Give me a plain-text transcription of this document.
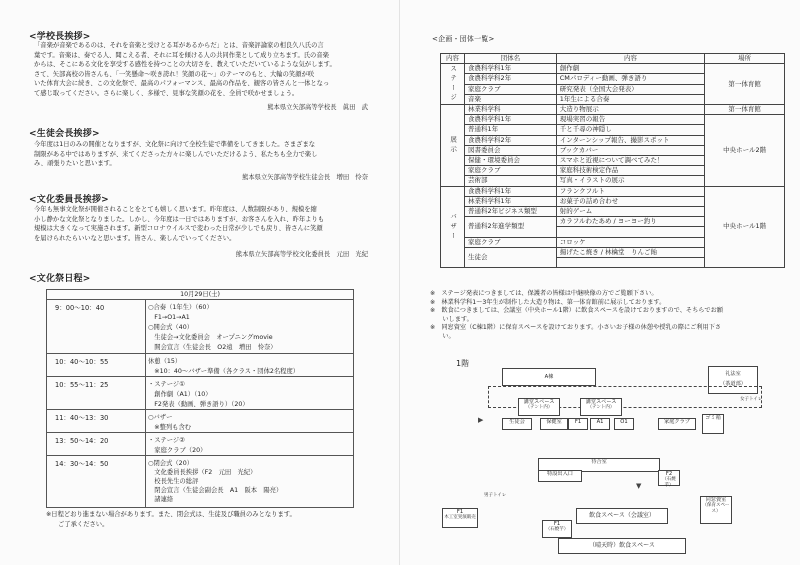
<学校長挨拶>
「音楽が音楽であるのは、それを音楽と受けとる耳があるからだ」とは、音楽評論家の相良久八氏の言
葉です。音楽は、奏でる人、聞こえる者、それに耳を傾ける人の共同作業として成り立ちます。氏の音楽
からは、そこにある文化を享受する感性を持つことの大切さを、教えていただいているような気がします。
さて、矢部高校の皆さんも、「一笑懸命〜咲き誇れ！笑顔の花〜」のテーマのもと、大輪の笑顔が咲
いた体育大会に続き、この文化祭で、最高のパフォーマンス、最高の作品を、観客の皆さんと一体となっ
て感じ取ってください。さらに楽しく、多様で、見事な笑顔の花を、全員で咲かせましょう。
熊本県立矢部高等学校長　眞田　武
<生徒会長挨拶>
今年度は1日のみの開催となりますが、文化祭に向けて全校生徒で準備をしてきました。さまざまな
制限がある中ではありますが、来てくださった方々に楽しんでいただけるよう、私たちも全力で楽し
み、頑張りたいと思います。
熊本県立矢部高等学校生徒会長　増田　怜奈
<文化委員長挨拶>
今年も無事文化祭が開催されることをとても嬉しく思います。昨年度は、人数制限があり、規模を縮
小し静かな文化祭となりました。しかし、今年度は一日ではありますが、お客さんを入れ、昨年よりも
規模は大きくなって実施されます。新型コロナウイルスで変わった日常が少しでも戻り、皆さんに笑顔
を届けられたらいいなと思います。皆さん、楽しんでいってください。
熊本県立矢部高等学校文化委員長　元田　光紀
<文化祭日程>
10月29日(土)
9：00〜10：40	○合奏（1年生）（60）
　F1→O1→A1
○開会式（40）
　生徒会→文化委員会　オープニングmovie
　開会宣言（生徒会長　O2遠　増田　怜奈）
10：40〜10：55	休憩（15）
　※10：40〜バザー準備（各クラス・団体2名程度）
10：55〜11：25	・ステージ①
　創作劇（A1）（10）
　F2発表（動画、弾き語り）（20）
11：40〜13：30	○バザー
　※整列も含む
13：50〜14：20	・ステージ②
　家庭クラブ（20）
14：30〜14：50	○閉会式（20）
　文化委員長挨拶（F2　元田　光紀）
　校長先生の総評
　閉会宣言（生徒会副会長　A1　阪本　陽亮）
　諸連絡
※日程どおり進まない場合があります。また、閉会式は、生徒及び職員のみとなります。
ご了承ください。
<企画・団体一覧>
内容	団体名	内容	場所
ステージ	食農科学科1年	創作劇	第一体育館
	食農科学科2年	CMパロディー動画、弾き語り	
	家庭クラブ	研究発表（全国大会発表）	
	音楽	1年生による合奏	
展示	林業科学科	大造り物展示	第一体育館
	食農科学科1年	現場実習の報告	中央ホール2階
	普通科1年	千と千尋の神隠し	
	食農科学科2年	インターンシップ報告、撮影スポット	
	図書委員会	ブックカバー	
	保健・環境委員会	スマホと近視について調べてみた！	
	家庭クラブ	家庭科技術検定作品	
	芸術部	写真・イラストの展示	
バザー	食農科学科1年	フランクフルト	中央ホール1階
	林業科学科1年	お菓子の詰め合わせ	
	普通科2年ビジネス類型	射的ゲーム	
	普通科2年進学類型	カラフルわたあめ / ヨーヨー釣り	

	家庭クラブ	コロッケ	
	生徒会	揚げたこ焼き / 林檎堂　りんご飴	

※　ステージ発表につきましては、保護者の皆様は中継映像の方でご覧願下さい。
※　林業科学科1〜3年生が制作した大造り物は、第一体育館前に展示しております。
※　飲食につきましては、会議室（中央ホール1階）に飲食スペースを設けておりますので、そちらでお願
　　いします。
※　同窓資室（C棟1階）に保育スペースを設けております。小さいお子様の休憩や授乳の際にご利用下さ
　　い。
1階
A棟	礼法室
（茶道部）
講堂スペース
（テント内）
講堂スペース
（テント内）
生徒会	保健室	F1	A1	O1	家庭クラブ
ゴミ箱
待合室
F2
（石焼芋）
特設出入口
飲食スペース（会議室）
同窓資室
（保育スペース）
F1
（石焼芋）
F1
木工室実演販売
（晴天時）飲食スペース
男子トイレ
女子トイレ
▼
▶
